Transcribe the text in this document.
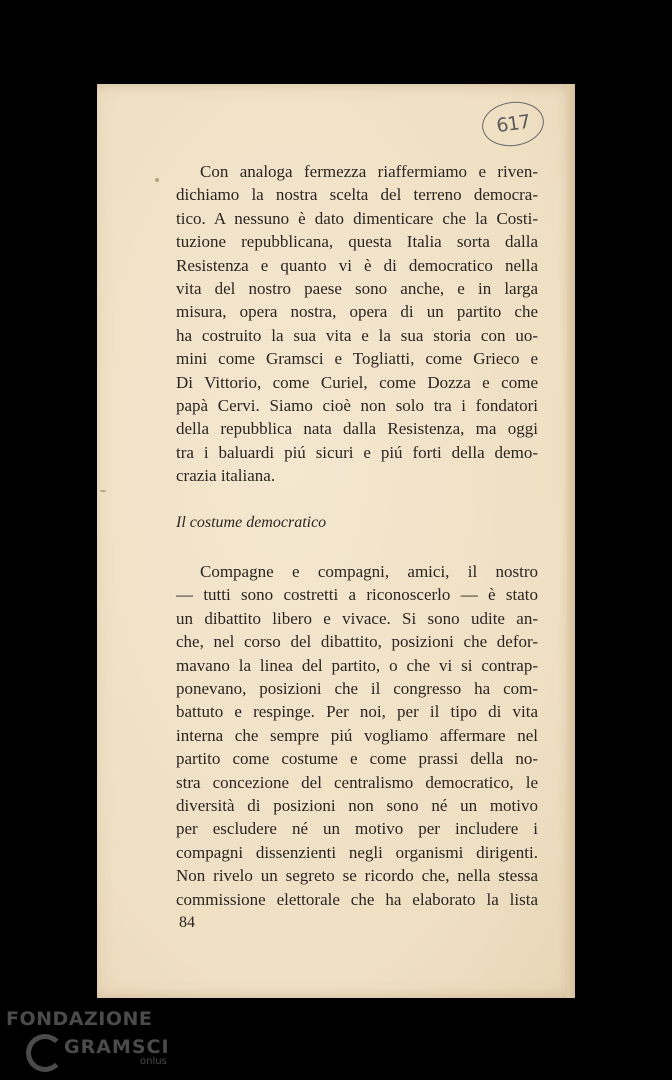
617
Con analoga fermezza riaffermiamo e riven-
dichiamo la nostra scelta del terreno democra-
tico. A nessuno è dato dimenticare che la Costi-
tuzione repubblicana, questa Italia sorta dalla
Resistenza e quanto vi è di democratico nella
vita del nostro paese sono anche, e in larga
misura, opera nostra, opera di un partito che
ha costruito la sua vita e la sua storia con uo-
mini come Gramsci e Togliatti, come Grieco e
Di Vittorio, come Curiel, come Dozza e come
papà Cervi. Siamo cioè non solo tra i fondatori
della repubblica nata dalla Resistenza, ma oggi
tra i baluardi piú sicuri e piú forti della demo-
crazia italiana.
Il costume democratico
Compagne e compagni, amici, il nostro
— tutti sono costretti a riconoscerlo — è stato
un dibattito libero e vivace. Si sono udite an-
che, nel corso del dibattito, posizioni che defor-
mavano la linea del partito, o che vi si contrap-
ponevano, posizioni che il congresso ha com-
battuto e respinge. Per noi, per il tipo di vita
interna che sempre piú vogliamo affermare nel
partito come costume e come prassi della no-
stra concezione del centralismo democratico, le
diversità di posizioni non sono né un motivo
per escludere né un motivo per includere i
compagni dissenzienti negli organismi dirigenti.
Non rivelo un segreto se ricordo che, nella stessa
commissione elettorale che ha elaborato la lista
84
FONDAZIONE
GRAMSCI
onlus
